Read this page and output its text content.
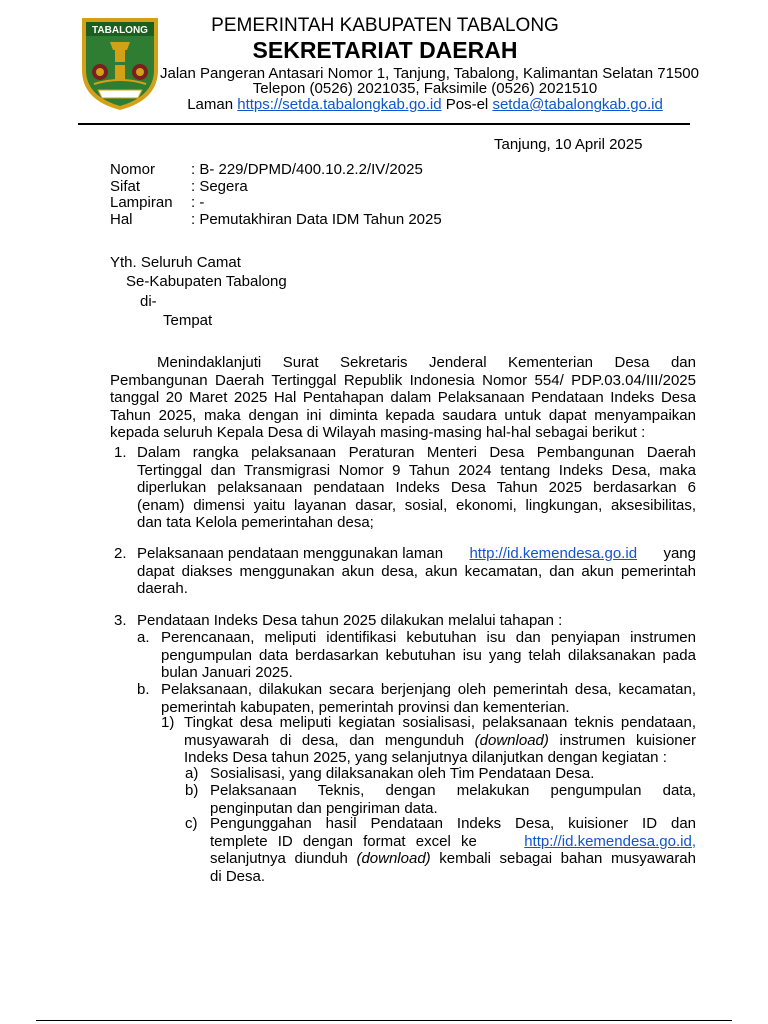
TABALONG	PEMERINTAH KABUPATEN TABALONG
SEKRETARIAT DAERAH
Jalan Pangeran Antasari Nomor 1, Tanjung, Tabalong, Kalimantan Selatan 71500
Telepon (0526) 2021035, Faksimile (0526) 2021510
Laman https://setda.tabalongkab.go.id Pos-el setda@tabalongkab.go.id
Tanjung, 10 April 2025
Nomor : B- 229/DPMD/400.10.2.2/IV/2025
Sifat	: Segera
Lampiran : -
Hal	: Pemutakhiran Data IDM Tahun 2025
Yth. Seluruh Camat
Se-Kabupaten Tabalong
di-
Tempat
Menindaklanjuti Surat Sekretaris Jenderal Kementerian Desa dan
Pembangunan Daerah Tertinggal Republik Indonesia Nomor 554/ PDP.03.04/III/2025
tanggal 20 Maret 2025 Hal Pentahapan dalam Pelaksanaan Pendataan Indeks Desa
Tahun 2025, maka dengan ini diminta kepada saudara untuk dapat menyampaikan
kepada seluruh Kepala Desa di Wilayah masing-masing hal-hal sebagai berikut :
1. Dalam rangka pelaksanaan Peraturan Menteri Desa Pembangunan Daerah
Tertinggal dan Transmigrasi Nomor 9 Tahun 2024 tentang Indeks Desa, maka
diperlukan pelaksanaan pendataan Indeks Desa Tahun 2025 berdasarkan 6
(enam) dimensi yaitu layanan dasar, sosial, ekonomi, lingkungan, aksesibilitas,
dan tata Kelola pemerintahan desa;
2. Pelaksanaan pendataan menggunakan laman http://id.kemendesa.go.id yang
dapat diakses menggunakan akun desa, akun kecamatan, dan akun pemerintah
daerah.
3. Pendataan Indeks Desa tahun 2025 dilakukan melalui tahapan :
a. Perencanaan, meliputi identifikasi kebutuhan isu dan penyiapan instrumen
pengumpulan data berdasarkan kebutuhan isu yang telah dilaksanakan pada
bulan Januari 2025.
b. Pelaksanaan, dilakukan secara berjenjang oleh pemerintah desa, kecamatan,
pemerintah kabupaten, pemerintah provinsi dan kementerian.
1) Tingkat desa meliputi kegiatan sosialisasi, pelaksanaan teknis pendataan,
musyawarah di desa, dan mengunduh (download) instrumen kuisioner
Indeks Desa tahun 2025, yang selanjutnya dilanjutkan dengan kegiatan :
a) Sosialisasi, yang dilaksanakan oleh Tim Pendataan Desa.
b) Pelaksanaan Teknis, dengan melakukan pengumpulan data,
penginputan dan pengiriman data.
c) Pengunggahan hasil Pendataan Indeks Desa, kuisioner ID dan
templete ID dengan format excel ke	http://id.kemendesa.go.id,
selanjutnya diunduh (download) kembali sebagai bahan musyawarah
di Desa.
